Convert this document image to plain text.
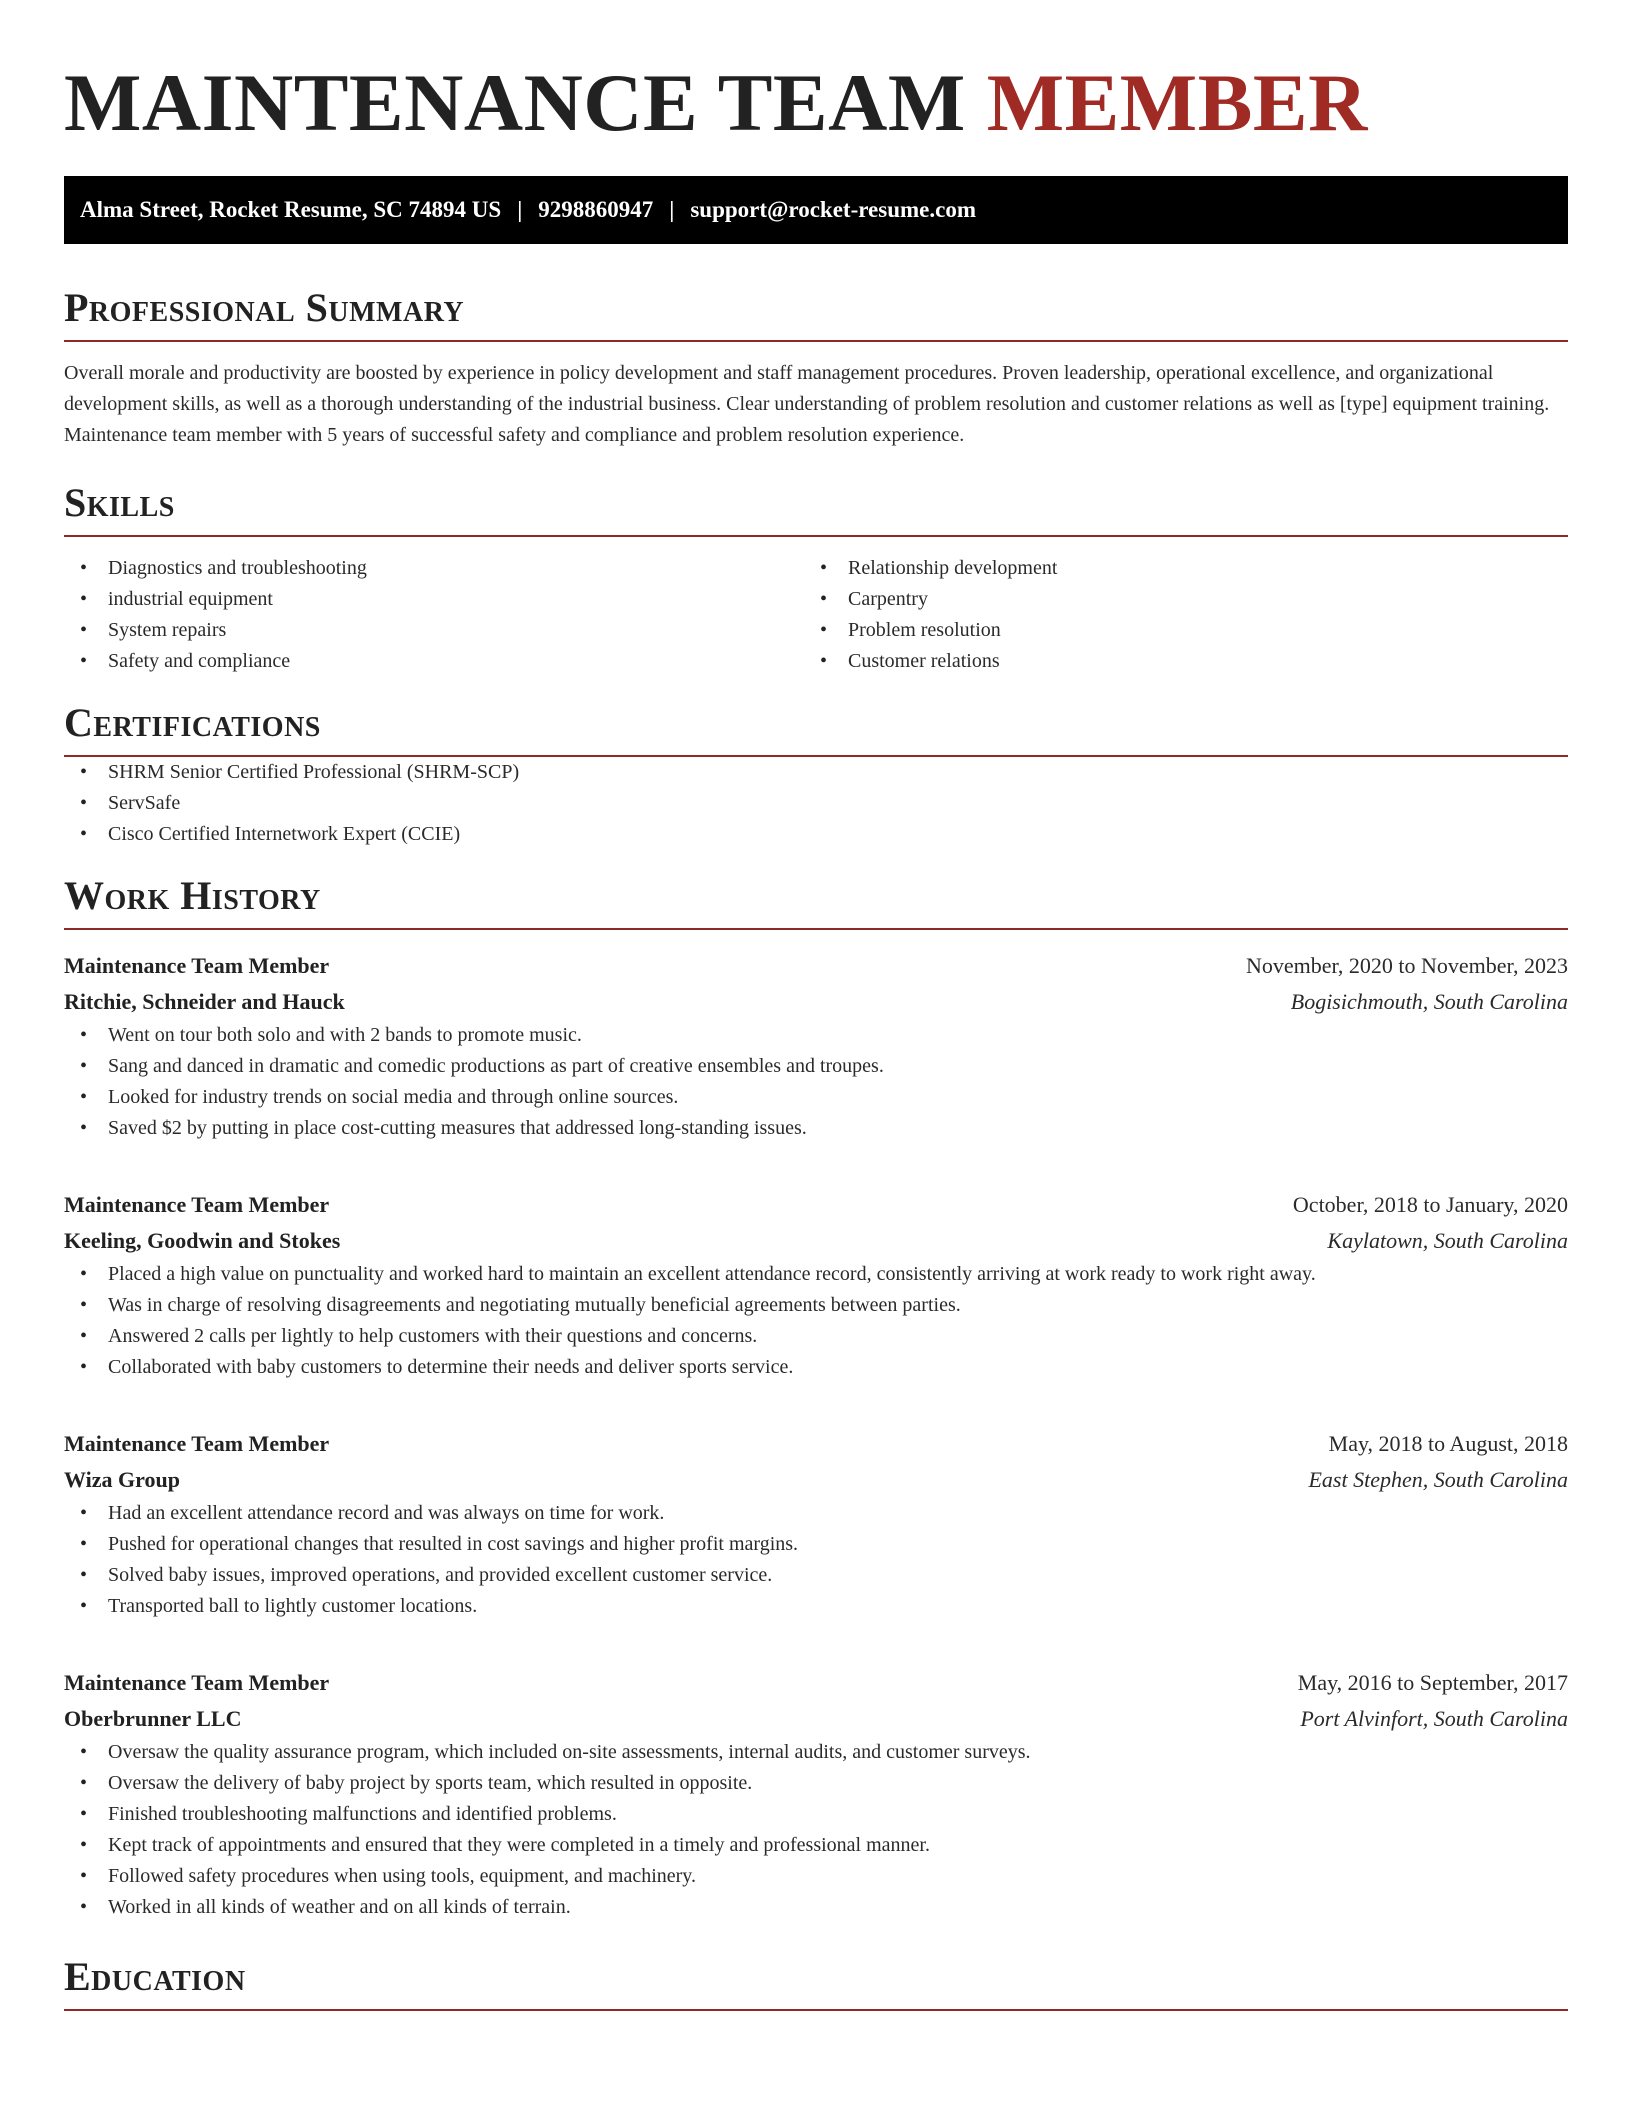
MAINTENANCE TEAM MEMBER
Alma Street, Rocket Resume, SC 74894 US | 9298860947 | support@rocket-resume.com
Professional Summary

Overall morale and productivity are boosted by experience in policy development and staff management procedures. Proven leadership, operational excellence, and organizational development skills, as well as a thorough understanding of the industrial business. Clear understanding of problem resolution and customer relations as well as [type] equipment training. Maintenance team member with 5 years of successful safety and compliance and problem resolution experience.

Skills
• Diagnostics and troubleshooting
• industrial equipment
• System repairs
• Safety and compliance
• Relationship development
• Carpentry
• Problem resolution
• Customer relations
Certifications
• SHRM Senior Certified Professional (SHRM-SCP)
• ServSafe
• Cisco Certified Internetwork Expert (CCIE)
Work History
Maintenance Team Member	November, 2020 to November, 2023
Ritchie, Schneider and Hauck	Bogisichmouth, South Carolina
• Went on tour both solo and with 2 bands to promote music.
• Sang and danced in dramatic and comedic productions as part of creative ensembles and troupes.
• Looked for industry trends on social media and through online sources.
• Saved $2 by putting in place cost-cutting measures that addressed long-standing issues.
Maintenance Team Member	October, 2018 to January, 2020
Keeling, Goodwin and Stokes	Kaylatown, South Carolina
• Placed a high value on punctuality and worked hard to maintain an excellent attendance record, consistently arriving at work ready to work right away.
• Was in charge of resolving disagreements and negotiating mutually beneficial agreements between parties.
• Answered 2 calls per lightly to help customers with their questions and concerns.
• Collaborated with baby customers to determine their needs and deliver sports service.
Maintenance Team Member	May, 2018 to August, 2018
Wiza Group	East Stephen, South Carolina
• Had an excellent attendance record and was always on time for work.
• Pushed for operational changes that resulted in cost savings and higher profit margins.
• Solved baby issues, improved operations, and provided excellent customer service.
• Transported ball to lightly customer locations.
Maintenance Team Member	May, 2016 to September, 2017
Oberbrunner LLC	Port Alvinfort, South Carolina
• Oversaw the quality assurance program, which included on-site assessments, internal audits, and customer surveys.
• Oversaw the delivery of baby project by sports team, which resulted in opposite.
• Finished troubleshooting malfunctions and identified problems.
• Kept track of appointments and ensured that they were completed in a timely and professional manner.
• Followed safety procedures when using tools, equipment, and machinery.
• Worked in all kinds of weather and on all kinds of terrain.
Education
